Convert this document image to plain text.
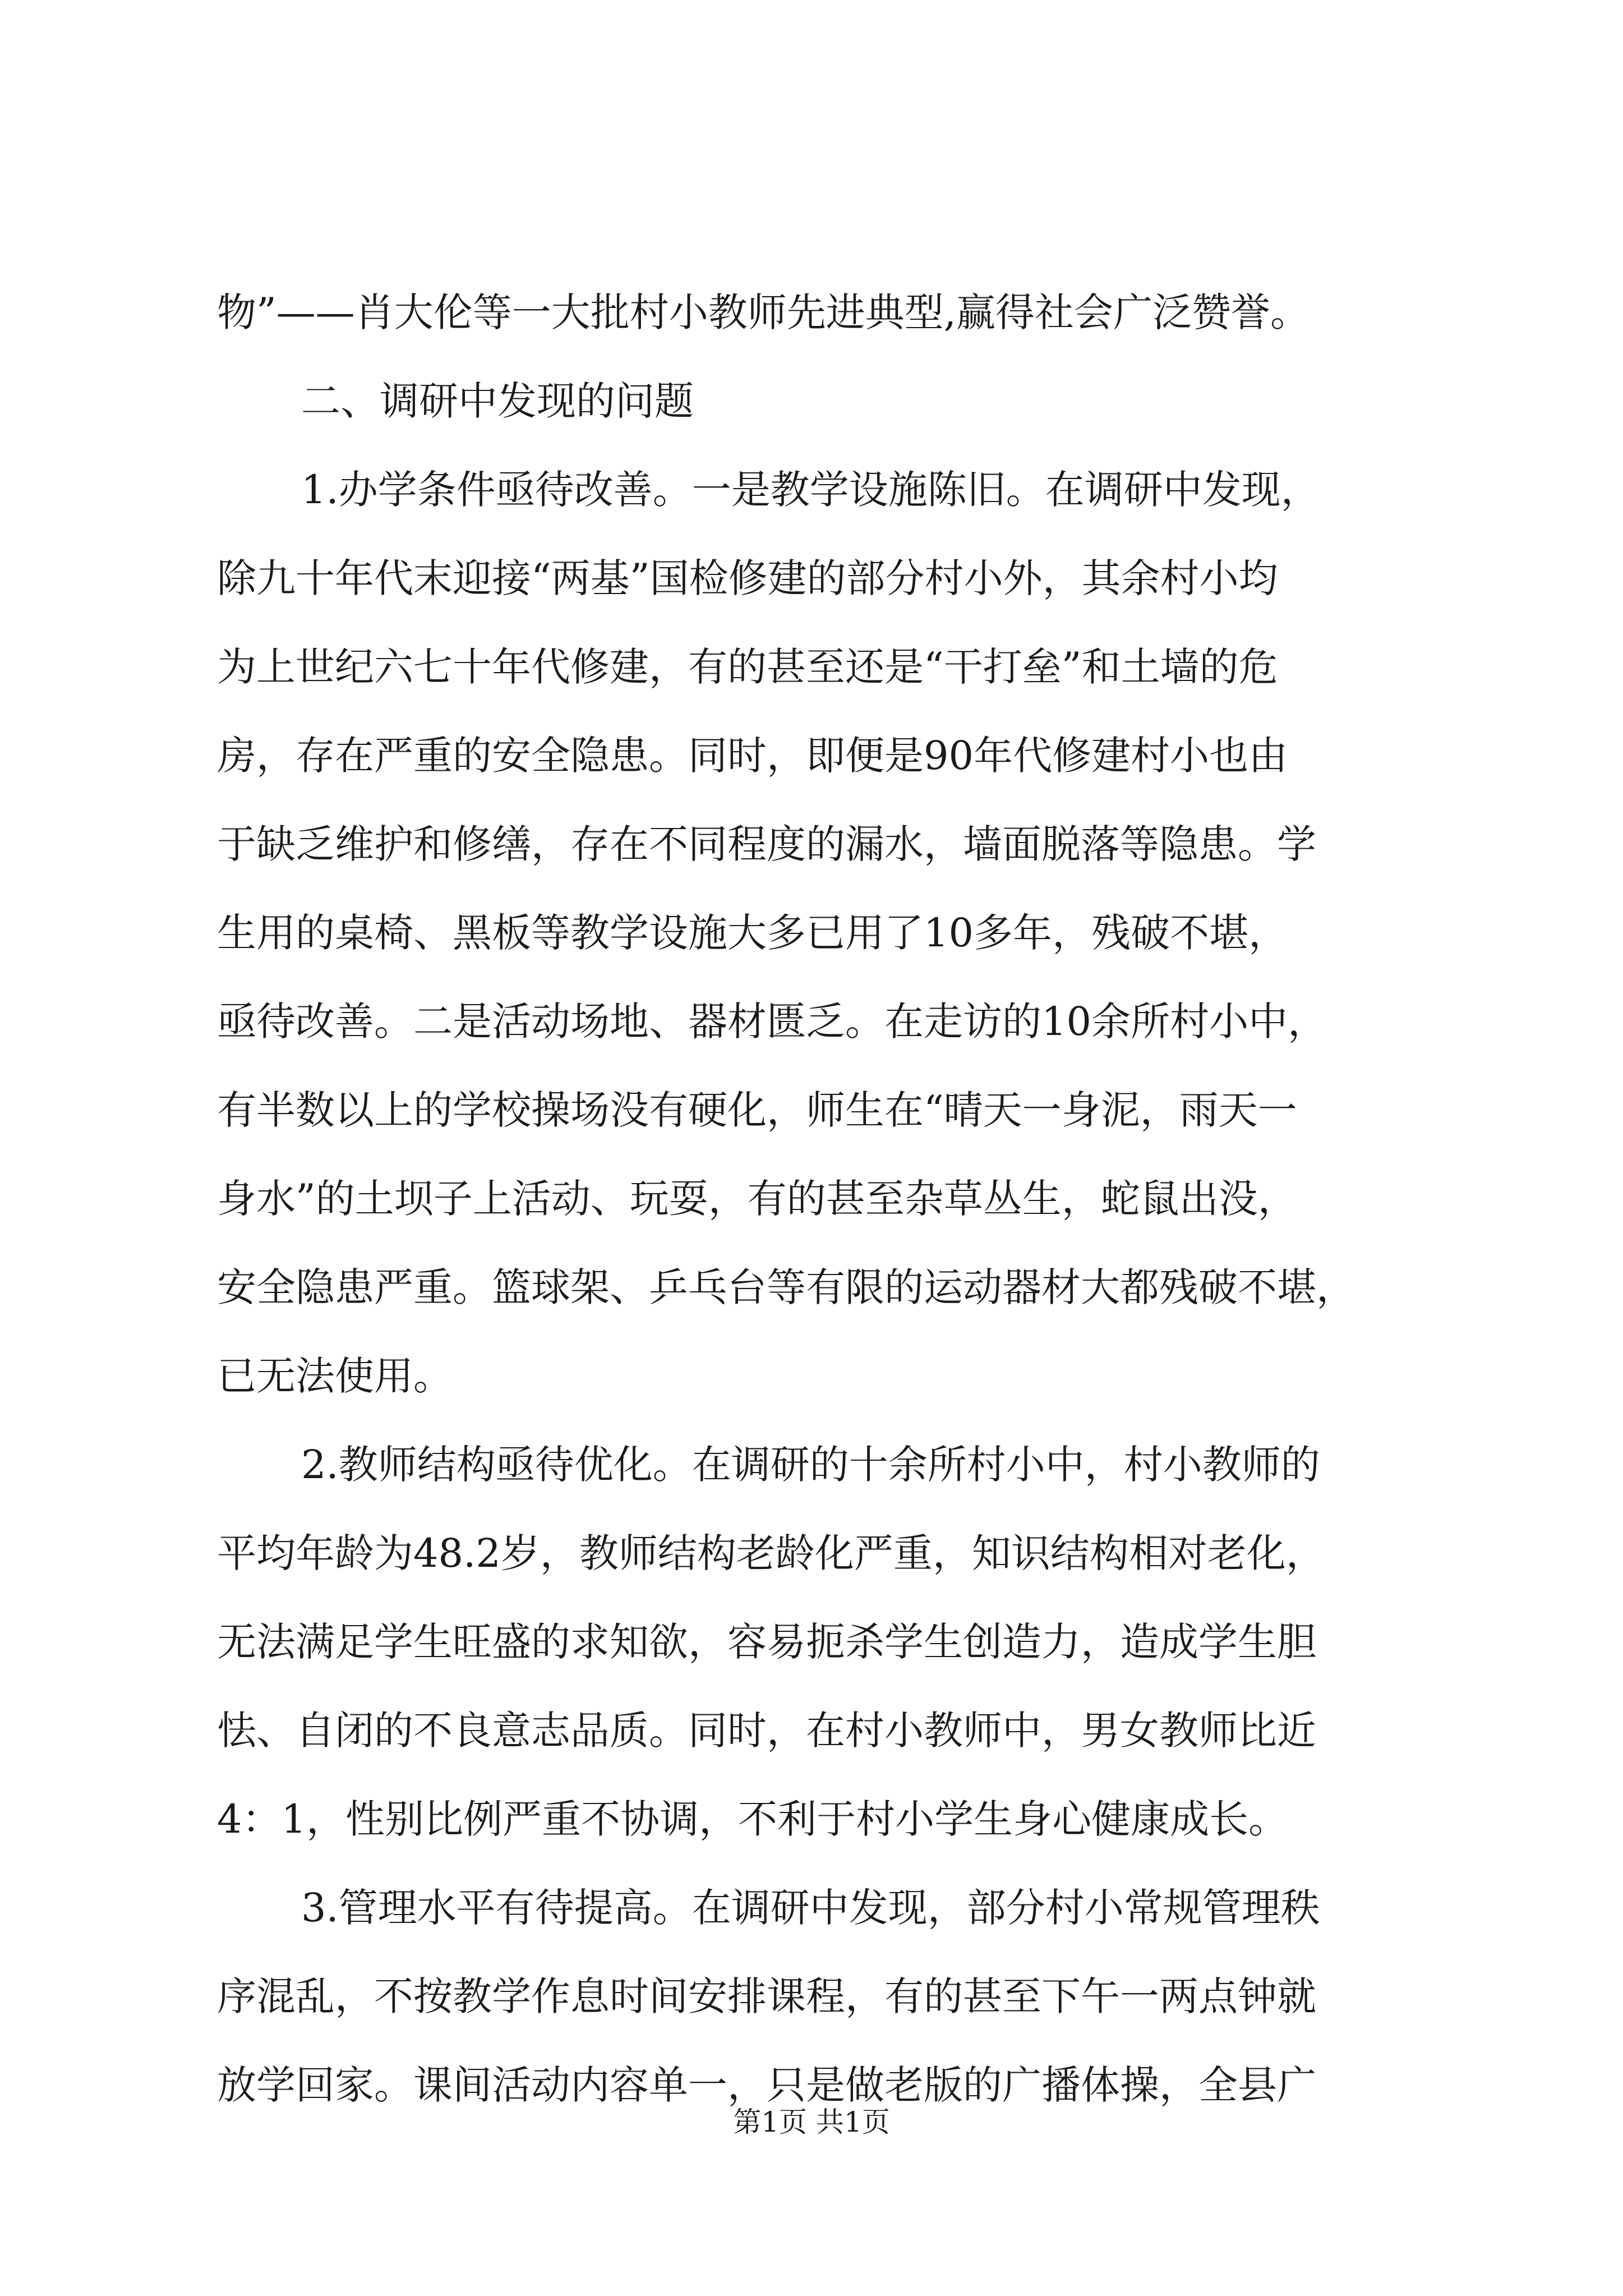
物”——肖大伦等一大批村小教师先进典型,赢得社会广泛赞誉。
二、调研中发现的问题
1.办学条件亟待改善。一是教学设施陈旧。在调研中发现，
除九十年代末迎接“两基”国检修建的部分村小外，其余村小均
为上世纪六七十年代修建，有的甚至还是“干打垒”和土墙的危
房，存在严重的安全隐患。同时，即便是90年代修建村小也由
于缺乏维护和修缮，存在不同程度的漏水，墙面脱落等隐患。学
生用的桌椅、黑板等教学设施大多已用了10多年，残破不堪，
亟待改善。二是活动场地、器材匮乏。在走访的10余所村小中，
有半数以上的学校操场没有硬化，师生在“晴天一身泥，雨天一
身水”的土坝子上活动、玩耍，有的甚至杂草丛生，蛇鼠出没，
安全隐患严重。篮球架、乒乓台等有限的运动器材大都残破不堪，
已无法使用。
2.教师结构亟待优化。在调研的十余所村小中，村小教师的
平均年龄为48.2岁，教师结构老龄化严重，知识结构相对老化，
无法满足学生旺盛的求知欲，容易扼杀学生创造力，造成学生胆
怯、自闭的不良意志品质。同时，在村小教师中，男女教师比近
4：1，性别比例严重不协调，不利于村小学生身心健康成长。
3.管理水平有待提高。在调研中发现，部分村小常规管理秩
序混乱，不按教学作息时间安排课程，有的甚至下午一两点钟就
放学回家。课间活动内容单一，只是做老版的广播体操，全县广
第1页 共1页
